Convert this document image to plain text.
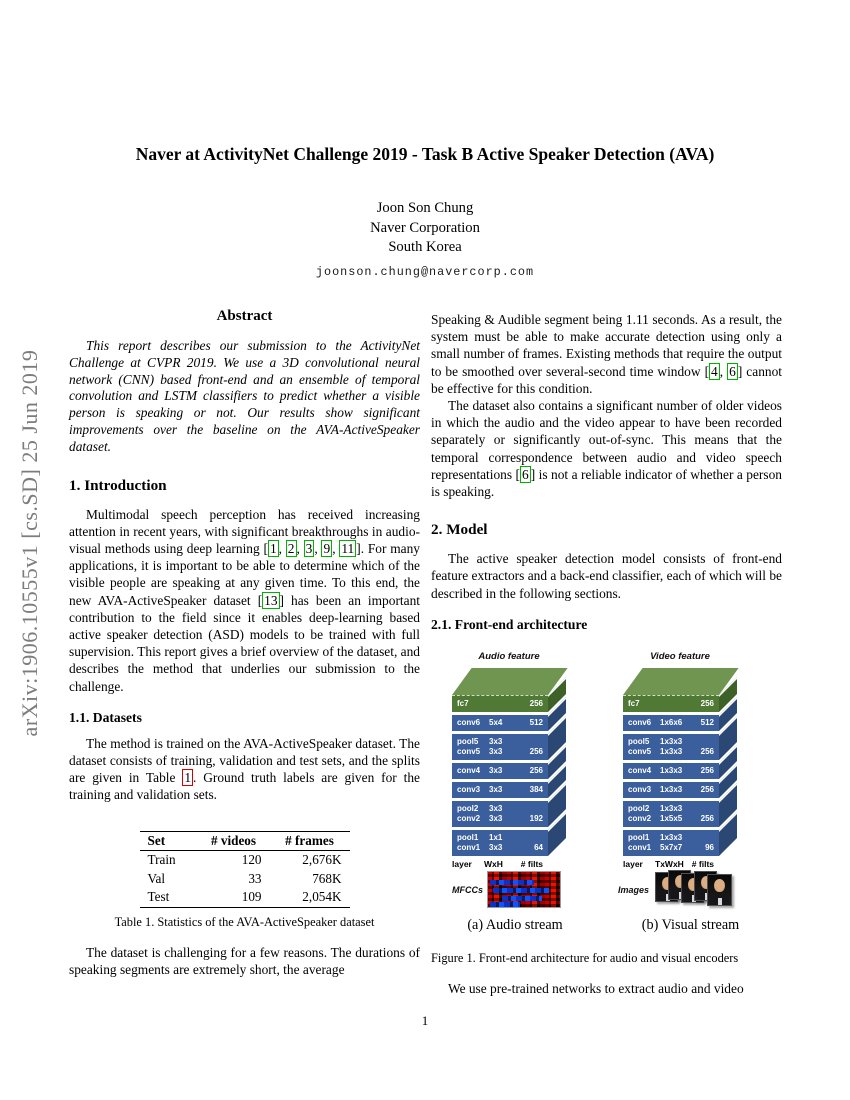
arXiv:1906.10555v1 [cs.SD] 25 Jun 2019
Naver at ActivityNet Challenge 2019 - Task B Active Speaker Detection (AVA)
Joon Son Chung
Naver Corporation
South Korea
joonson.chung@navercorp.com
Abstract

This report describes our submission to the ActivityNet Challenge at CVPR 2019. We use a 3D convolutional neural network (CNN) based front-end and an ensemble of temporal convolution and LSTM classifiers to predict whether a visible person is speaking or not. Our results show significant improvements over the baseline on the AVA-ActiveSpeaker dataset.

1. Introduction

Multimodal speech perception has received increasing attention in recent years, with significant breakthroughs in audio-visual methods using deep learning [ 1 , 2 , 3 , 9 , 11 ]. For many applications, it is important to be able to determine which of the visible people are speaking at any given time. To this end, the new AVA-ActiveSpeaker dataset [ 13 ] has been an important contribution to the field since it enables deep-learning based active speaker detection (ASD) models to be trained with full supervision. This report gives a brief overview of the dataset, and describes the method that underlies our submission to the challenge.

1.1. Datasets

The method is trained on the AVA-ActiveSpeaker dataset. The dataset consists of training, validation and test sets, and the splits are given in Table 1 . Ground truth labels are given for the training and validation sets.

Set	# videos	# frames
Train	120	2,676K
Val	33	768K
Test	109	2,054K
Table 1. Statistics of the AVA-ActiveSpeaker dataset

The dataset is challenging for a few reasons. The durations of speaking segments are extremely short, the average

Speaking & Audible segment being 1.11 seconds. As a result, the system must be able to make accurate detection using only a small number of frames. Existing methods that require the output to be smoothed over several-second time window [ 4 , 6 ] cannot be effective for this condition.

The dataset also contains a significant number of older videos in which the audio and the video appear to have been recorded separately or significantly out-of-sync. This means that the temporal correspondence between audio and video speech representations [ 6 ] is not a reliable indicator of whether a person is speaking.

2. Model

The active speaker detection model consists of front-end feature extractors and a back-end classifier, each of which will be described in the following sections.

2.1. Front-end architecture
Audio feature	Video feature
fc7	256
conv6	5x4	512
pool5	3x3
conv5	3x3	256
conv4	3x3	256
conv3	3x3	384
pool2	3x3
conv2	3x3	192
pool1	1x1
conv1	3x3	64
layer	WxH	# filts
fc7	256
conv6	1x6x6	512
pool5	1x3x3
conv5	1x3x3	256
conv4	1x3x3	256
conv3	1x3x3	256
pool2	1x3x3
conv2	1x5x5	256
pool1	1x3x3
conv1	5x7x7	96
layer	TxWxH # filts
MFCCs	Images
(a) Audio stream	(b) Visual stream
Figure 1. Front-end architecture for audio and visual encoders

We use pre-trained networks to extract audio and video

1
